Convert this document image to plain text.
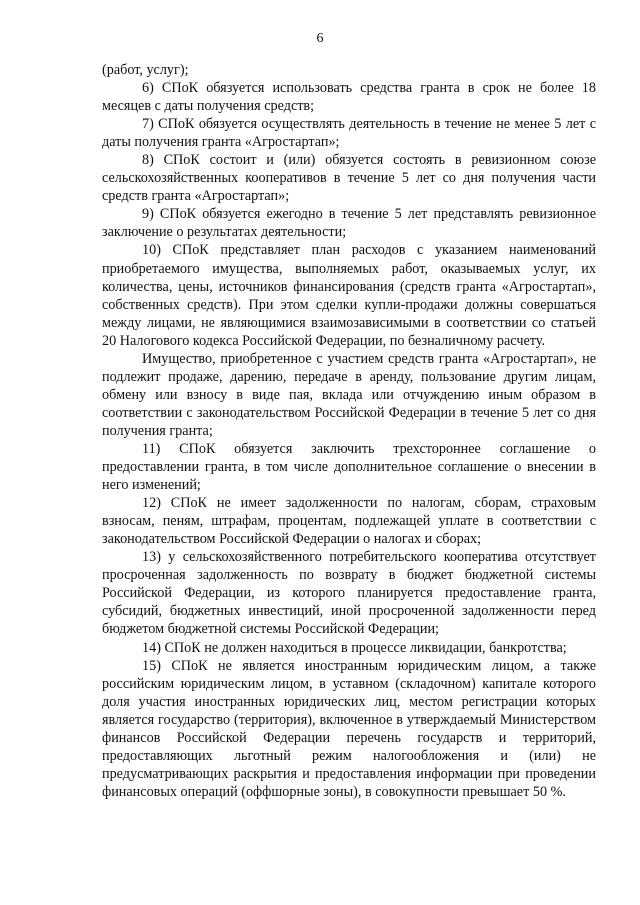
6

(работ, услуг);

6) СПоК обязуется использовать средства гранта в срок не более 18 месяцев с даты получения средств;

7) СПоК обязуется осуществлять деятельность в течение не менее 5 лет с даты получения гранта «Агростартап»;

8) СПоК состоит и (или) обязуется состоять в ревизионном союзе сельскохозяйственных кооперативов в течение 5 лет со дня получения части средств гранта «Агростартап»;

9) СПоК обязуется ежегодно в течение 5 лет представлять ревизионное заключение о результатах деятельности;

10) СПоК представляет план расходов с указанием наименований приобретаемого имущества, выполняемых работ, оказываемых услуг, их количества, цены, источников финансирования (средств гранта «Агростартап», собственных средств). При этом сделки купли-продажи должны совершаться между лицами, не являющимися взаимозависимыми в соответствии со статьей 20 Налогового кодекса Российской Федерации, по безналичному расчету.

Имущество, приобретенное с участием средств гранта «Агростартап», не подлежит продаже, дарению, передаче в аренду, пользование другим лицам, обмену или взносу в виде пая, вклада или отчуждению иным образом в соответствии с законодательством Российской Федерации в течение 5 лет со дня получения гранта;

11) СПоК обязуется заключить трехстороннее соглашение о предоставлении гранта, в том числе дополнительное соглашение о внесении в него изменений;

12) СПоК не имеет задолженности по налогам, сборам, страховым взносам, пеням, штрафам, процентам, подлежащей уплате в соответствии с законодательством Российской Федерации о налогах и сборах;

13) у сельскохозяйственного потребительского кооператива отсутствует просроченная задолженность по возврату в бюджет бюджетной системы Российской Федерации, из которого планируется предоставление гранта, субсидий, бюджетных инвестиций, иной просроченной задолженности перед бюджетом бюджетной системы Российской Федерации;

14) СПоК не должен находиться в процессе ликвидации, банкротства;

15) СПоК не является иностранным юридическим лицом, а также российским юридическим лицом, в уставном (складочном) капитале которого доля участия иностранных юридических лиц, местом регистрации которых является государство (территория), включенное в утверждаемый Министерством финансов Российской Федерации перечень государств и территорий, предоставляющих льготный режим налогообложения и (или) не предусматривающих раскрытия и предоставления информации при проведении финансовых операций (оффшорные зоны), в совокупности превышает 50 %.
